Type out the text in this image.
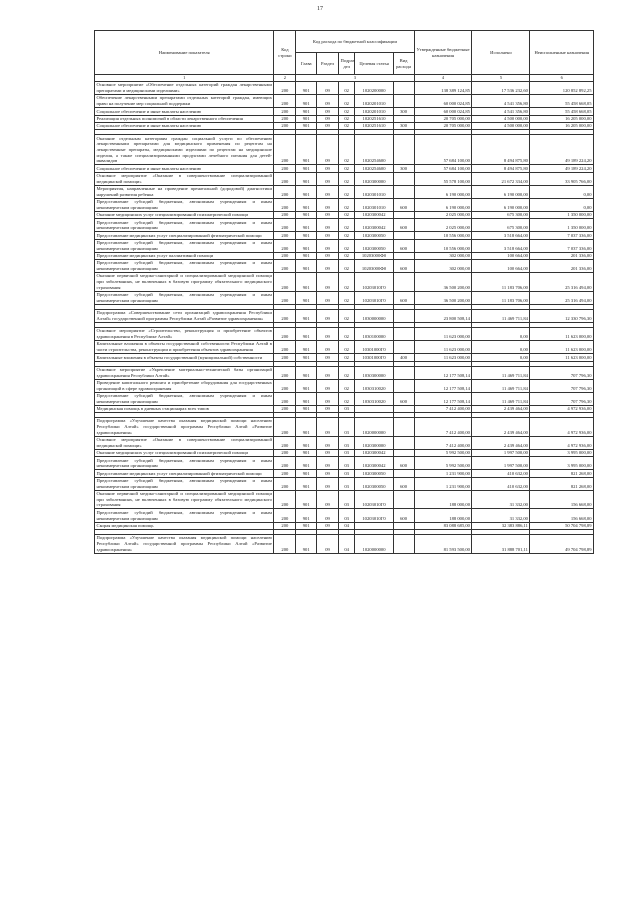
17
Наименование показателя	Код строки	Код расхода по бюджетной классификации					Утвержденные бюджетные назначения	Исполнено	Неисполненные назначения
		Глава	Раздел	Подраз дел	Целевая статья	Вид расхода			
1	2	3					4	5	6
Основное мероприятие «Обеспечение отдельных категорий граждан лекарственными препаратами и медицинскими изделиями»	200	901	09	02	1020200000		138 389 124,85	17 536 232,60	120 852 892,25
Обеспечение лекарственными препаратами отдельных категорий граждан, имеющих право на получение мер социальной поддержки	200	901	09	02	1020201010		60 000 024,85	4 541 356,80	55 458 668,05
Социальное обеспечение и иные выплаты населению	200	901	09	02	1020201010	300	60 000 024,85	4 541 356,80	55 458 668,05
Реализация отдельных полномочий в области лекарственного обеспечения	200	901	09	02	1020251610		20 705 000,00	4 500 000,00	16 205 000,00
Социальное обеспечение и иные выплаты населению	200	901	09	02	1020251610	300	20 705 000,00	4 500 000,00	16 205 000,00

Оказание отдельным категориям граждан социальной услуги по обеспечению лекарственными препаратами для медицинского применения по рецептам на лекарственные препараты, медицинскими изделиями по рецептам на медицинские изделия, а также специализированными продуктами лечебного питания для детей-инвалидов	200	901	09	02	1020254600		57 684 100,00	8 494 875,80	49 189 224,20
Социальное обеспечение и иные выплаты населению	200	901	09	02	1020254600	300	57 684 100,00	8 494 875,80	49 189 224,20
Основное мероприятие «Оказание в совершенствование специализированной медицинской помощи»	200	901	09	02	1020300000		55 578 100,00	21 672 334,00	33 905 766,00
Мероприятия, направленные на проведение пренатальной (дородовой) диагностики нарушений развития ребенка	200	901	09	02	1020301010		6 190 000,00	6 190 000,00	0,00
Предоставление субсидий бюджетным, автономным учреждениям и иным некоммерческим организациям	200	901	09	02	1020301010	600	6 190 000,00	6 190 000,00	0,00
Оказание медицинских услуг специализированной психиатрической помощи	200	901	09	02	1020300042		2 025 000,00	675 300,00	1 350 000,00
Предоставление субсидий бюджетным, автономным учреждениям и иным некоммерческим организациям	200	901	09	02	1020300042	600	2 025 000,00	675 300,00	1 350 000,00
Предоставление медицинских услуг специализированной фтизиатрической помощи	200	901	09	02	1020300050		10 556 000,00	3 518 664,00	7 037 336,00
Предоставление субсидий бюджетным, автономным учреждениям и иным некоммерческим организациям	200	901	09	02	1020300050	600	10 556 000,00	3 518 664,00	7 037 336,00
Предоставление медицинских услуг паллиативной помощи	200	901	09	02	10203000Ф0		302 000,00	100 664,00	201 336,00
Предоставление субсидий бюджетным, автономным учреждениям и иным некоммерческим организациям	200	901	09	02	10203000Ф0	600	302 000,00	100 664,00	201 336,00
Оказание первичной медико-санитарной и специализированной медицинской помощи при заболеваниях, не включенных в базовую программу обязательного медицинского страхования	200	901	09	02	10203010Г0		36 500 200,00	11 183 706,00	25 316 494,00
Предоставление субсидий бюджетным, автономным учреждениям и иным некоммерческим организациям	200	901	09	02	10203010Г0	600	36 500 200,00	11 183 706,00	25 316 494,00

Подпрограмма «Совершенствование сети организаций здравоохранения Республики Алтай» государственной программы Республики Алтай «Развитие здравоохранения»	200	901	09	02	1030000000		23 800 508,14	11 469 711,84	12 330 796,30

Основное мероприятие «Строительство, реконструкция и приобретение объектов здравоохранения в Республике Алтай»	200	901	09	02	1030100000		11 623 000,00	0,00	11 623 000,00
Капитальные вложения в объекты государственной собственности Республики Алтай в части строительства, реконструкции и приобретения объектов здравоохранения	200	901	09	02	10301000Г0		11 623 000,00	0,00	11 623 000,00
Капитальные вложения в объекты государственной (муниципальной) собственности	200	901	09	02	10301000Г0	400	11 623 000,00	0,00	11 623 000,00

Основное мероприятие «Укрепление материально-технической базы организаций здравоохранения Республики Алтай»	200	901	09	02	1030300000		12 177 508,14	11 469 711,84	707 796,30
Проведение капитального ремонта и приобретение оборудования для государственных организаций в сфере здравоохранения	200	901	09	02	1030310020		12 177 508,14	11 469 711,84	707 796,30
Предоставление субсидий бюджетным, автономным учреждениям и иным некоммерческим организациям	200	901	09	02	1030310020	600	12 177 508,14	11 469 711,84	707 796,30
Медицинская помощь в дневных стационарах всех типов	200	901	09	03			7 412 400,00	2 439 464,00	4 972 936,00

Подпрограмма «Улучшение качества оказания медицинской помощи населению Республики Алтай» государственной программы Республики Алтай «Развитие здравоохранения»	200	901	09	03	1020000000		7 412 400,00	2 439 464,00	4 972 936,00
Основное мероприятие «Оказание в совершенствование специализированной медицинской помощи»	200	901	09	03	1020300000		7 412 400,00	2 439 464,00	4 972 936,00
Оказание медицинских услуг специализированной психиатрической помощи	200	901	09	03	1020300042		5 992 500,00	1 997 500,00	3 995 000,00
Предоставление субсидий бюджетным, автономным учреждениям и иным некоммерческим организациям	200	901	09	03	1020300042	600	5 992 500,00	1 997 500,00	3 995 000,00
Предоставление медицинских услуг специализированной фтизиатрической помощи	200	901	09	03	1020300050		1 231 900,00	410 632,00	821 268,00
Предоставление субсидий бюджетным, автономным учреждениям и иным некоммерческим организациям	200	901	09	03	1020300050	600	1 231 900,00	410 632,00	821 268,00
Оказание первичной медико-санитарной и специализированной медицинской помощи при заболеваниях, не включенных в базовую программу обязательного медицинского страхования	200	901	09	03	10203010Г0		188 000,00	31 332,00	156 668,00
Предоставление субсидий бюджетным, автономным учреждениям и иным некоммерческим организациям	200	901	09	03	10203010Г0	600	188 000,00	31 332,00	156 668,00
Скорая медицинская помощь	200	901	09	04			83 088 685,00	32 383 886,11	50 704 798,89

Подпрограмма «Улучшение качества оказания медицинской помощи населению Республики Алтай» государственной программы Республики Алтай «Развитие здравоохранения»	200	901	09	04	1020000000		81 593 500,00	31 888 701,11	49 704 798,89
